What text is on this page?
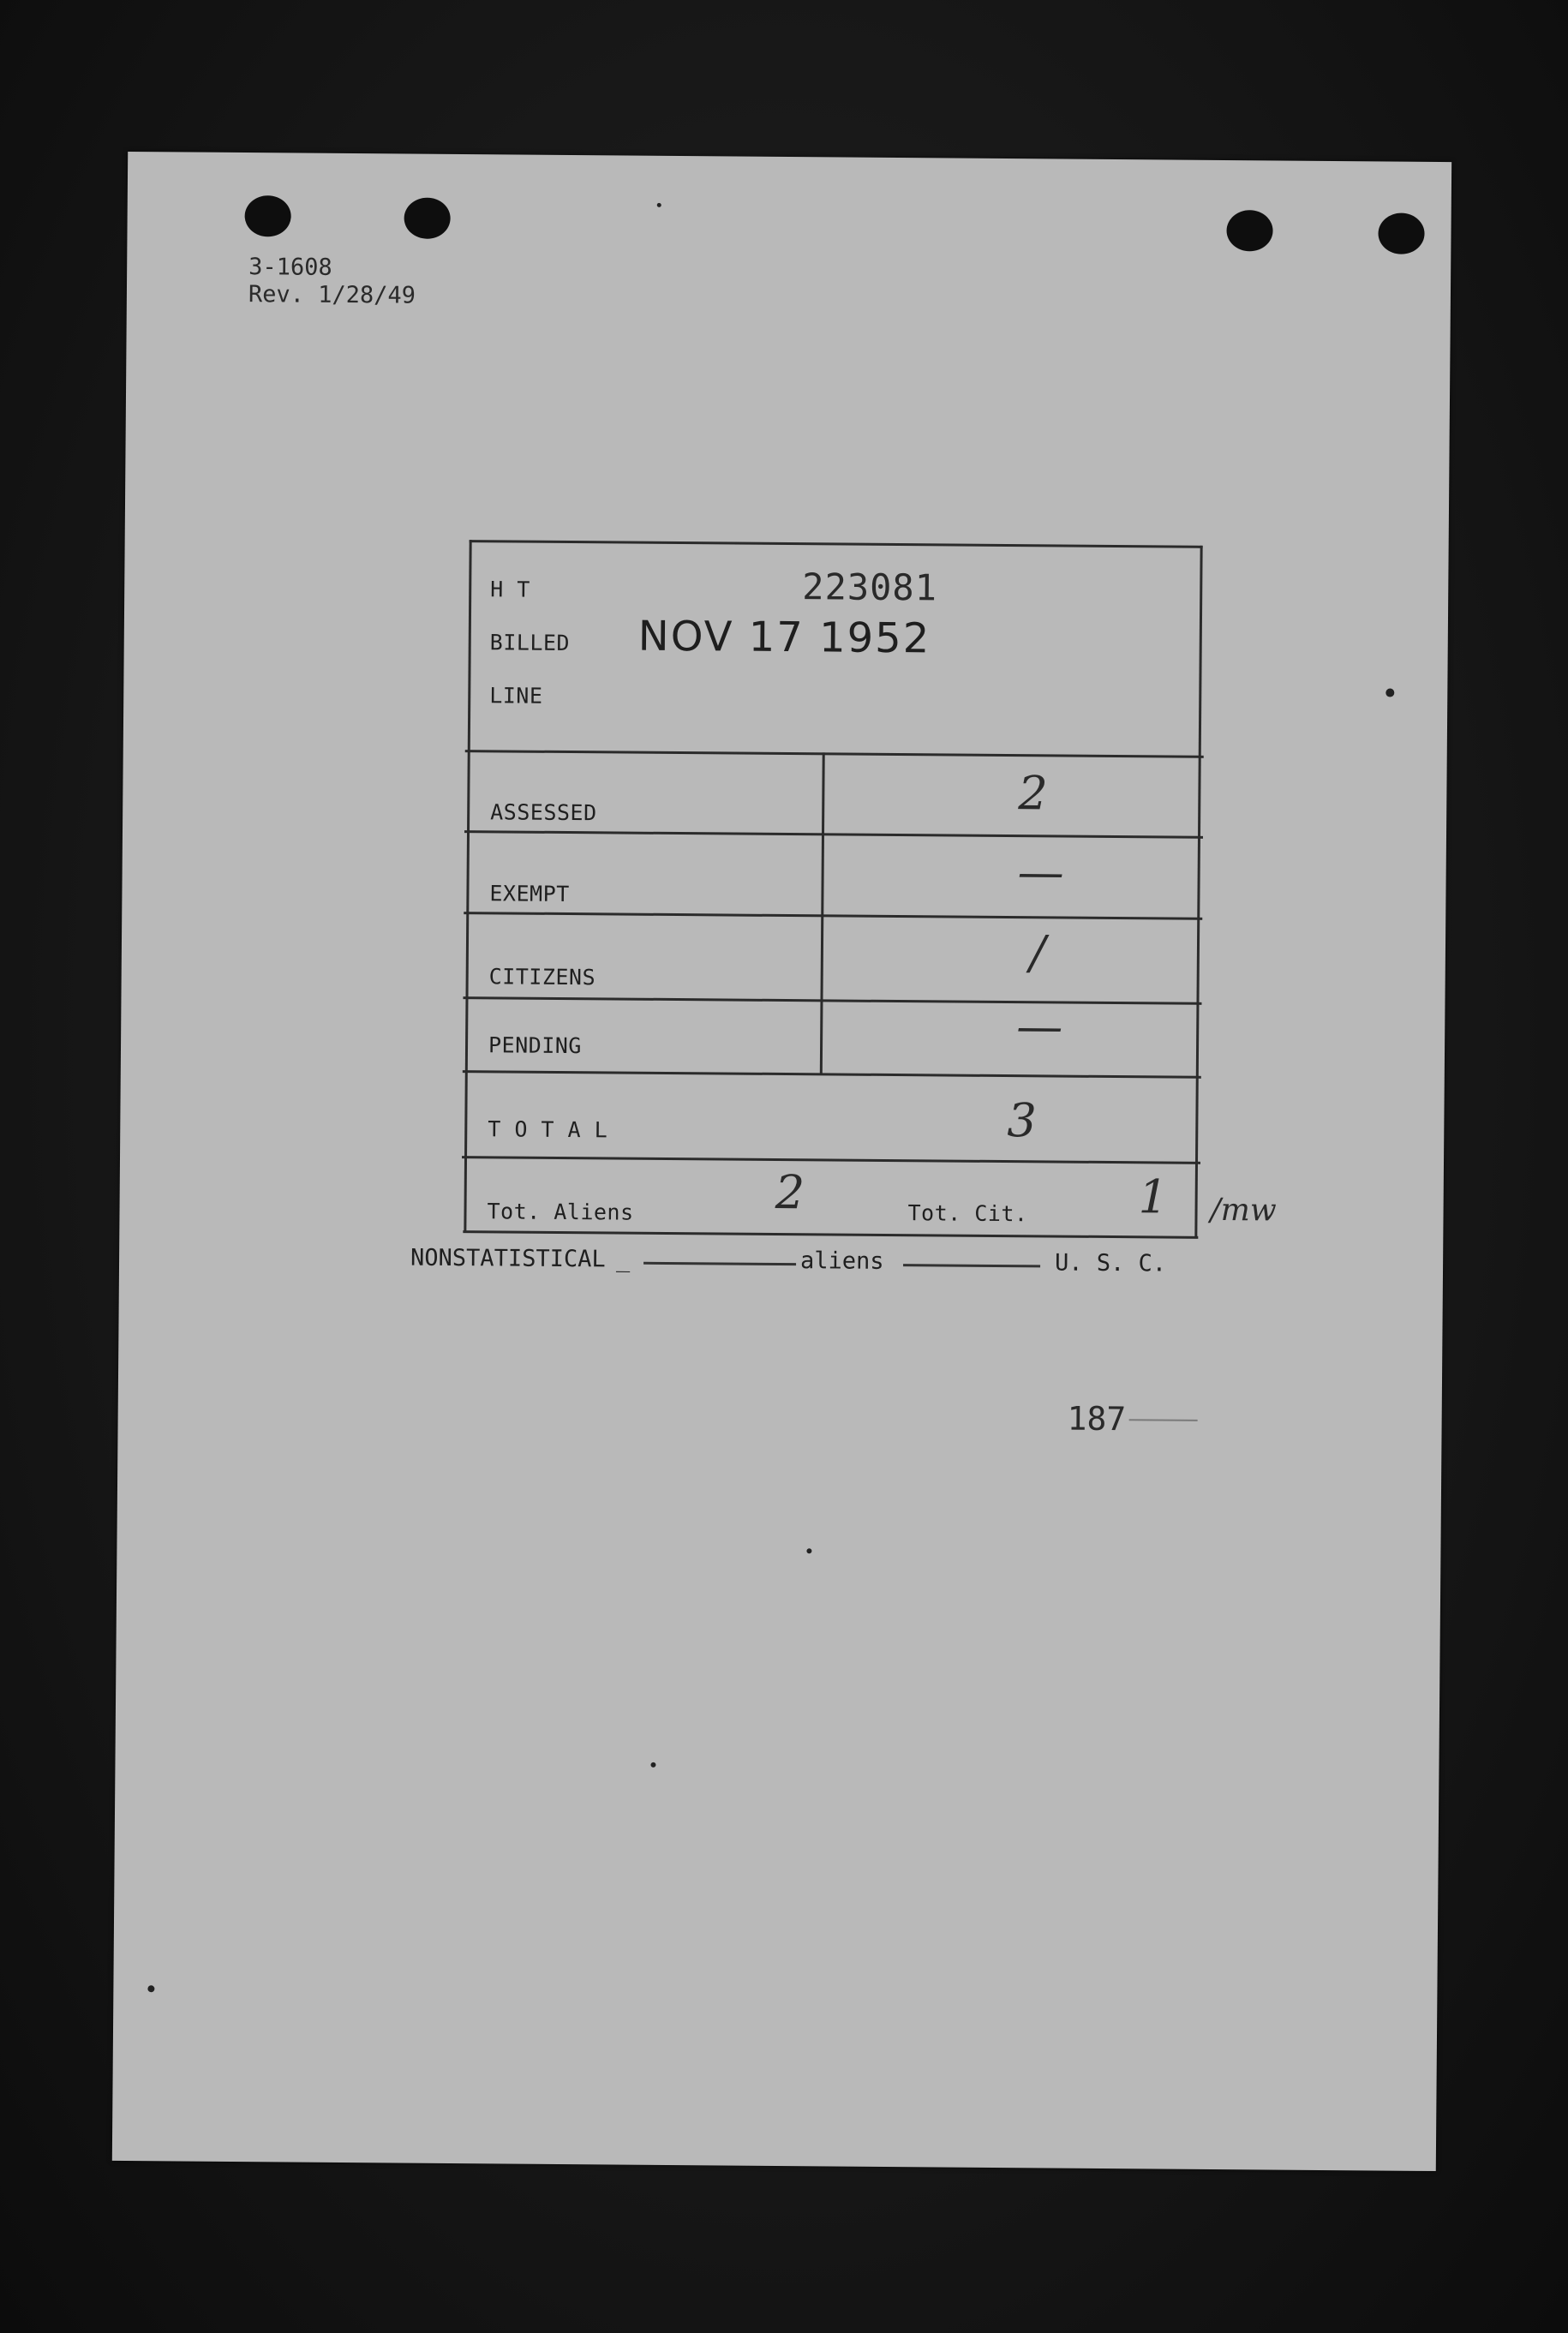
3-1608
Rev. 1/28/49
H T	223081
BILLED NOV 17 1952
LINE
ASSESSED	2
EXEMPT	—
CITIZENS	/
PENDING	—
T O T A L	3
Tot. Aliens	2	Tot. Cit. 1 /mw
NONSTATISTICAL _	aliens	U. S. C.
187
